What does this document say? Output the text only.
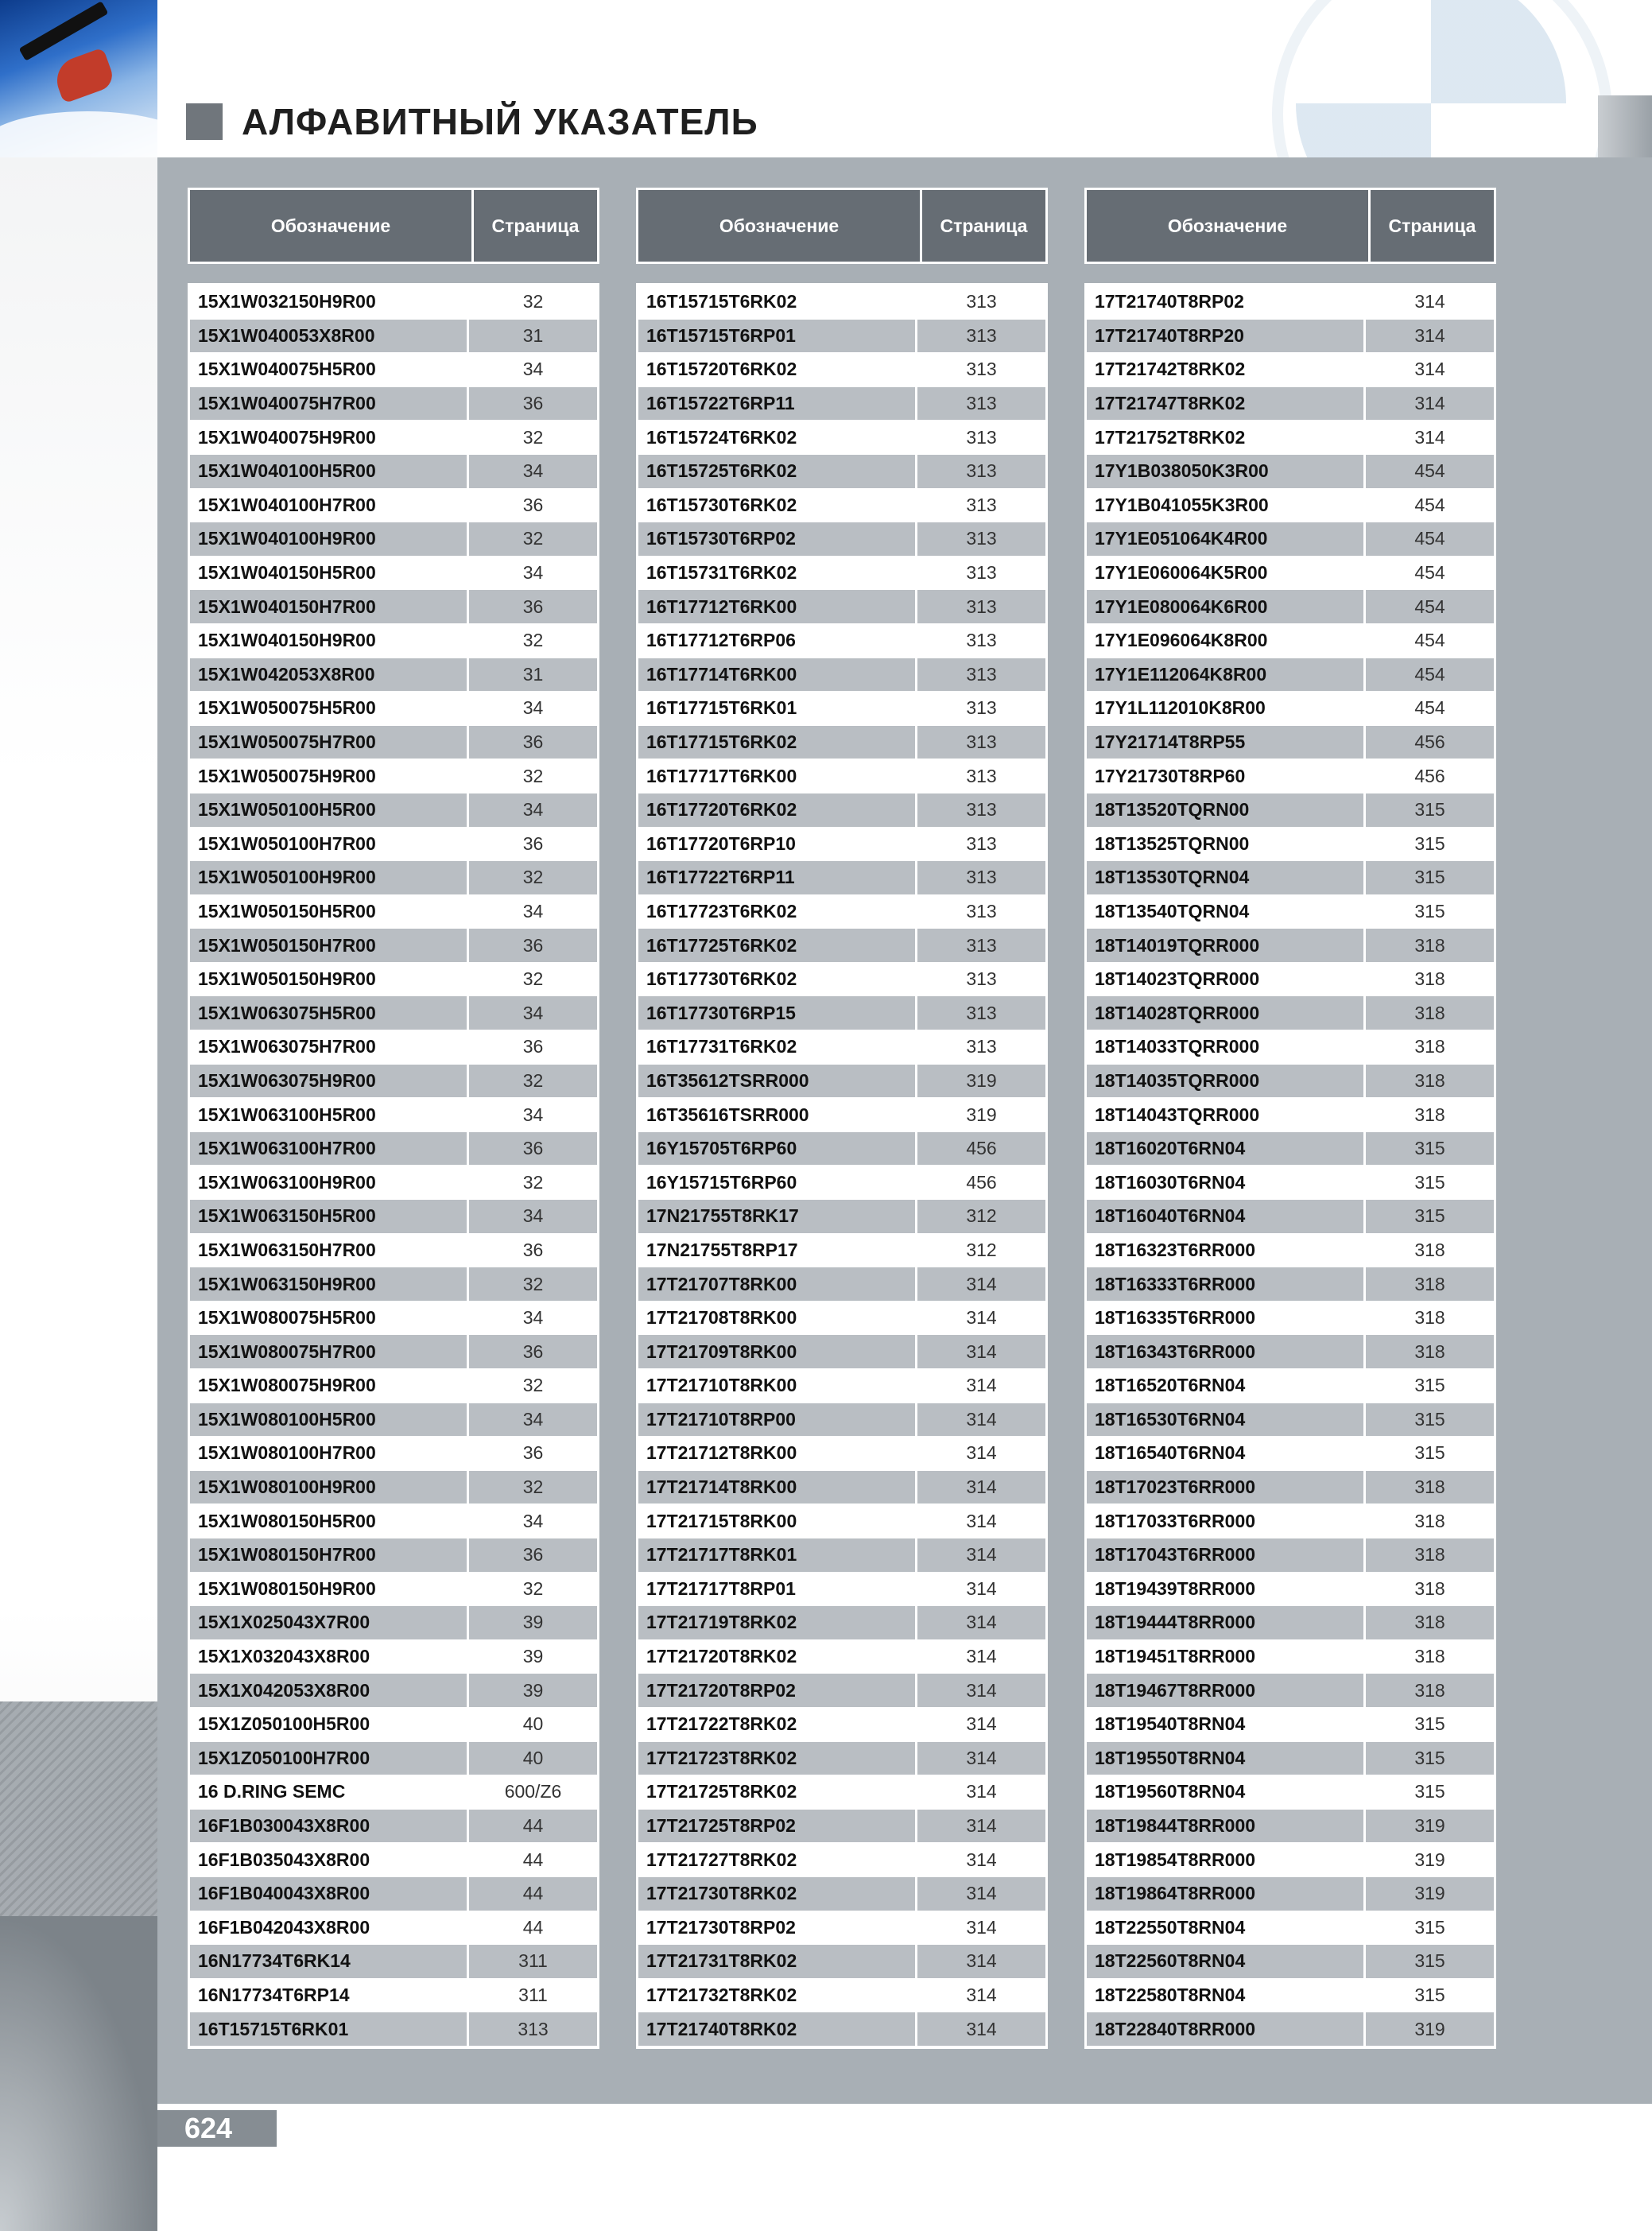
АЛФАВИТНЫЙ УКАЗАТЕЛЬ
Обозначение	Страница
15X1W032150H9R00	32
15X1W040053X8R00	31
15X1W040075H5R00	34
15X1W040075H7R00	36
15X1W040075H9R00	32
15X1W040100H5R00	34
15X1W040100H7R00	36
15X1W040100H9R00	32
15X1W040150H5R00	34
15X1W040150H7R00	36
15X1W040150H9R00	32
15X1W042053X8R00	31
15X1W050075H5R00	34
15X1W050075H7R00	36
15X1W050075H9R00	32
15X1W050100H5R00	34
15X1W050100H7R00	36
15X1W050100H9R00	32
15X1W050150H5R00	34
15X1W050150H7R00	36
15X1W050150H9R00	32
15X1W063075H5R00	34
15X1W063075H7R00	36
15X1W063075H9R00	32
15X1W063100H5R00	34
15X1W063100H7R00	36
15X1W063100H9R00	32
15X1W063150H5R00	34
15X1W063150H7R00	36
15X1W063150H9R00	32
15X1W080075H5R00	34
15X1W080075H7R00	36
15X1W080075H9R00	32
15X1W080100H5R00	34
15X1W080100H7R00	36
15X1W080100H9R00	32
15X1W080150H5R00	34
15X1W080150H7R00	36
15X1W080150H9R00	32
15X1X025043X7R00	39
15X1X032043X8R00	39
15X1X042053X8R00	39
15X1Z050100H5R00	40
15X1Z050100H7R00	40
16 D.RING SEMC	600/Z6
16F1B030043X8R00	44
16F1B035043X8R00	44
16F1B040043X8R00	44
16F1B042043X8R00	44
16N17734T6RK14	311
16N17734T6RP14	311
16T15715T6RK01	313
Обозначение	Страница
16T15715T6RK02	313
16T15715T6RP01	313
16T15720T6RK02	313
16T15722T6RP11	313
16T15724T6RK02	313
16T15725T6RK02	313
16T15730T6RK02	313
16T15730T6RP02	313
16T15731T6RK02	313
16T17712T6RK00	313
16T17712T6RP06	313
16T17714T6RK00	313
16T17715T6RK01	313
16T17715T6RK02	313
16T17717T6RK00	313
16T17720T6RK02	313
16T17720T6RP10	313
16T17722T6RP11	313
16T17723T6RK02	313
16T17725T6RK02	313
16T17730T6RK02	313
16T17730T6RP15	313
16T17731T6RK02	313
16T35612TSRR000	319
16T35616TSRR000	319
16Y15705T6RP60	456
16Y15715T6RP60	456
17N21755T8RK17	312
17N21755T8RP17	312
17T21707T8RK00	314
17T21708T8RK00	314
17T21709T8RK00	314
17T21710T8RK00	314
17T21710T8RP00	314
17T21712T8RK00	314
17T21714T8RK00	314
17T21715T8RK00	314
17T21717T8RK01	314
17T21717T8RP01	314
17T21719T8RK02	314
17T21720T8RK02	314
17T21720T8RP02	314
17T21722T8RK02	314
17T21723T8RK02	314
17T21725T8RK02	314
17T21725T8RP02	314
17T21727T8RK02	314
17T21730T8RK02	314
17T21730T8RP02	314
17T21731T8RK02	314
17T21732T8RK02	314
17T21740T8RK02	314
Обозначение	Страница
17T21740T8RP02	314
17T21740T8RP20	314
17T21742T8RK02	314
17T21747T8RK02	314
17T21752T8RK02	314
17Y1B038050K3R00	454
17Y1B041055K3R00	454
17Y1E051064K4R00	454
17Y1E060064K5R00	454
17Y1E080064K6R00	454
17Y1E096064K8R00	454
17Y1E112064K8R00	454
17Y1L112010K8R00	454
17Y21714T8RP55	456
17Y21730T8RP60	456
18T13520TQRN00	315
18T13525TQRN00	315
18T13530TQRN04	315
18T13540TQRN04	315
18T14019TQRR000	318
18T14023TQRR000	318
18T14028TQRR000	318
18T14033TQRR000	318
18T14035TQRR000	318
18T14043TQRR000	318
18T16020T6RN04	315
18T16030T6RN04	315
18T16040T6RN04	315
18T16323T6RR000	318
18T16333T6RR000	318
18T16335T6RR000	318
18T16343T6RR000	318
18T16520T6RN04	315
18T16530T6RN04	315
18T16540T6RN04	315
18T17023T6RR000	318
18T17033T6RR000	318
18T17043T6RR000	318
18T19439T8RR000	318
18T19444T8RR000	318
18T19451T8RR000	318
18T19467T8RR000	318
18T19540T8RN04	315
18T19550T8RN04	315
18T19560T8RN04	315
18T19844T8RR000	319
18T19854T8RR000	319
18T19864T8RR000	319
18T22550T8RN04	315
18T22560T8RN04	315
18T22580T8RN04	315
18T22840T8RR000	319
624
